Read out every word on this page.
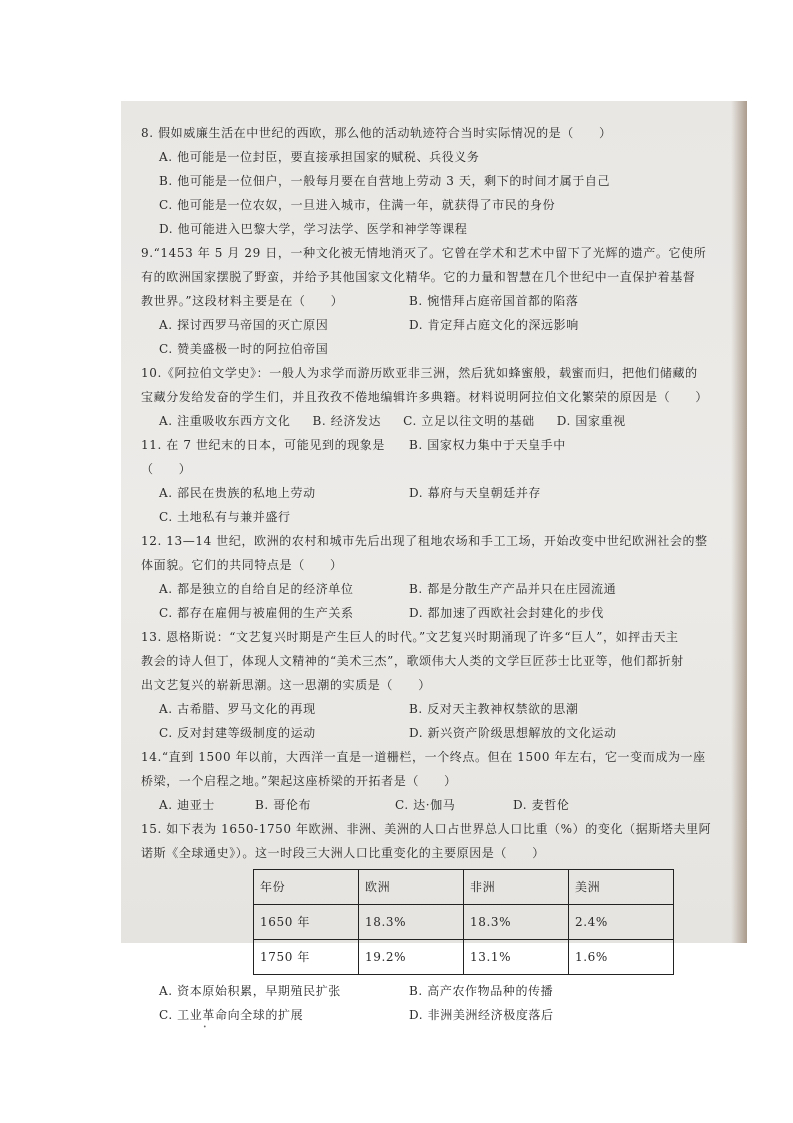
8. 假如威廉生活在中世纪的西欧，那么他的活动轨迹符合当时实际情况的是（　　）

A. 他可能是一位封臣，要直接承担国家的赋税、兵役义务

B. 他可能是一位佃户，一般每月要在自营地上劳动 3 天，剩下的时间才属于自己

C. 他可能是一位农奴，一旦进入城市，住满一年，就获得了市民的身份

D. 他可能进入巴黎大学，学习法学、医学和神学等课程

9.“1453 年 5 月 29 日，一种文化被无情地消灭了。它曾在学术和艺术中留下了光辉的遗产。它使所

有的欧洲国家摆脱了野蛮，并给予其他国家文化精华。它的力量和智慧在几个世纪中一直保护着基督

教世界。”这段材料主要是在（　　）	B. 惋惜拜占庭帝国首都的陷落

A. 探讨西罗马帝国的灭亡原因	D. 肯定拜占庭文化的深远影响

C. 赞美盛极一时的阿拉伯帝国

10.《阿拉伯文学史》：一般人为求学而游历欧亚非三洲，然后犹如蜂蜜般，载蜜而归，把他们储藏的

宝藏分发给发奋的学生们，并且孜孜不倦地编辑许多典籍。材料说明阿拉伯文化繁荣的原因是（　　）

A. 注重吸收东西方文化 B. 经济发达 C. 立足以往文明的基础 D. 国家重视

11. 在 7 世纪末的日本，可能见到的现象是（　　）

B. 国家权力集中于天皇手中

A. 部民在贵族的私地上劳动	D. 幕府与天皇朝廷并存

C. 土地私有与兼并盛行

12. 13—14 世纪，欧洲的农村和城市先后出现了租地农场和手工工场，开始改变中世纪欧洲社会的整

体面貌。它们的共同特点是（　　）

A. 都是独立的自给自足的经济单位	B. 都是分散生产产品并只在庄园流通

C. 都存在雇佣与被雇佣的生产关系	D. 都加速了西欧社会封建化的步伐

13. 恩格斯说：“文艺复兴时期是产生巨人的时代。”文艺复兴时期涌现了许多“巨人”，如抨击天主

教会的诗人但丁，体现人文精神的“美术三杰”，歌颂伟大人类的文学巨匠莎士比亚等，他们都折射

出文艺复兴的崭新思潮。这一思潮的实质是（　　）

A. 古希腊、罗马文化的再现	B. 反对天主教神权禁欲的思潮

C. 反对封建等级制度的运动	D. 新兴资产阶级思想解放的文化运动

14.“直到 1500 年以前，大西洋一直是一道栅栏，一个终点。但在 1500 年左右，它一变而成为一座

桥梁，一个启程之地。”架起这座桥梁的开拓者是（　　）

A. 迪亚士	B. 哥伦布	C. 达·伽马	D. 麦哲伦

15. 如下表为 1650-1750 年欧洲、非洲、美洲的人口占世界总人口比重（%）的变化（据斯塔夫里阿

诺斯《全球通史》）。这一时段三大洲人口比重变化的主要原因是（　　）

年份	欧洲	非洲	美洲
1650 年	18.3%	18.3%	2.4%
1750 年	19.2%	13.1%	1.6%

A. 资本原始积累，早期殖民扩张	B. 高产农作物品种的传播

C. 工业革命向全球的扩展	D. 非洲美洲经济极度落后

•
